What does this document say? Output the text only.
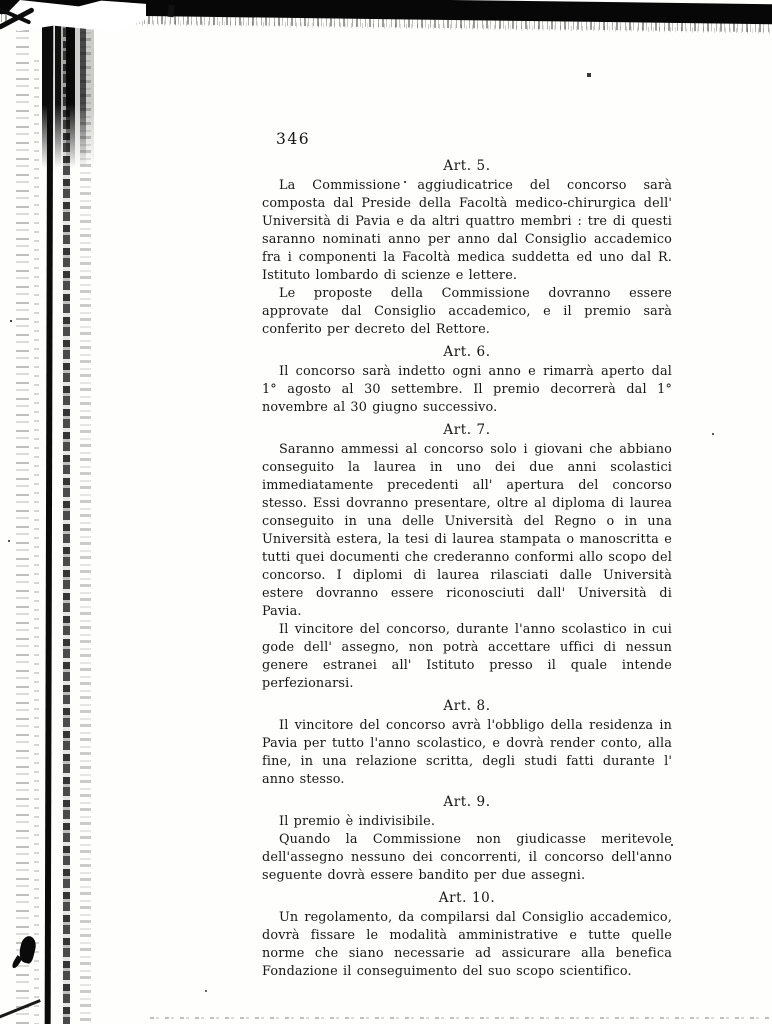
346
Art. 5.

La Commissione aggiudicatrice del concorso sarà composta dal Preside della Facoltà medico-chirurgica dell' Università di Pavia e da altri quattro membri : tre di questi saranno nominati anno per anno dal Consiglio accademico fra i componenti la Facoltà medica suddetta ed uno dal R. Istituto lombardo di scienze e lettere.

Le proposte della Commissione dovranno essere approvate dal Consiglio accademico, e il premio sarà conferito per decreto del Rettore.

Art. 6.

Il concorso sarà indetto ogni anno e rimarrà aperto dal 1° agosto al 30 settembre. Il premio decorrerà dal 1° novembre al 30 giugno successivo.

Art. 7.

Saranno ammessi al concorso solo i giovani che abbiano conseguito la laurea in uno dei due anni scolastici immediatamente precedenti all' apertura del concorso stesso. Essi dovranno presentare, oltre al diploma di laurea conseguito in una delle Università del Regno o in una Università estera, la tesi di laurea stampata o manoscritta e tutti quei documenti che crederanno conformi allo scopo del concorso. I diplomi di laurea rilasciati dalle Università estere dovranno essere riconosciuti dall' Università di Pavia.

Il vincitore del concorso, durante l'anno scolastico in cui gode dell' assegno, non potrà accettare uffici di nessun genere estranei all' Istituto presso il quale intende perfezionarsi.

Art. 8.

Il vincitore del concorso avrà l'obbligo della residenza in Pavia per tutto l'anno scolastico, e dovrà render conto, alla fine, in una relazione scritta, degli studi fatti durante l' anno stesso.

Art. 9.

Il premio è indivisibile.

Quando la Commissione non giudicasse meritevole dell'assegno nessuno dei concorrenti, il concorso dell'anno seguente dovrà essere bandito per due assegni.

Art. 10.

Un regolamento, da compilarsi dal Consiglio accademico, dovrà fissare le modalità amministrative e tutte quelle norme che siano necessarie ad assicurare alla benefica Fondazione il conseguimento del suo scopo scientifico.
